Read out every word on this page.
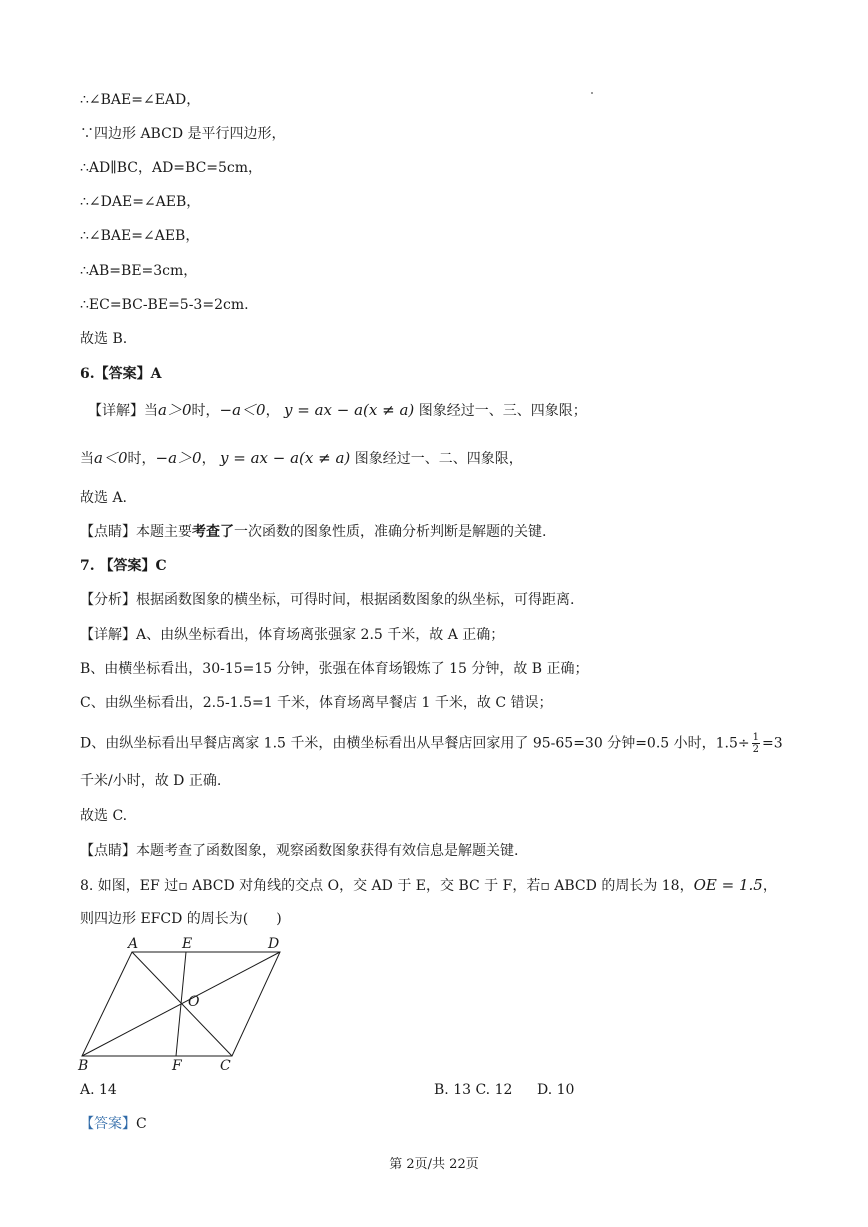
∴∠BAE=∠EAD，
∵四边形 ABCD 是平行四边形，
∴AD∥BC，AD=BC=5cm，
∴∠DAE=∠AEB，
∴∠BAE=∠AEB，
∴AB=BE=3cm，
∴EC=BC-BE=5-3=2cm.
故选 B.
6.【答案】A
【详解】当a＞0时，−a＜0， y = ax − a(x ≠ a) 图象经过一、三、四象限；
当a＜0时，−a＞0， y = ax − a(x ≠ a) 图象经过一、二、四象限，
故选 A.
【点睛】本题主要考查了一次函数的图象性质，准确分析判断是解题的关键.
7. 【答案】C
【分析】根据函数图象的横坐标，可得时间，根据函数图象的纵坐标，可得距离.
【详解】A、由纵坐标看出，体育场离张强家 2.5 千米，故 A 正确；
B、由横坐标看出，30-15=15 分钟，张强在体育场锻炼了 15 分钟，故 B 正确；
C、由纵坐标看出，2.5-1.5=1 千米，体育场离早餐店 1 千米，故 C 错误；
D、由纵坐标看出早餐店离家 1.5 千米，由横坐标看出从早餐店回家用了 95-65=30 分钟=0.5 小时，$1.5\div \frac{1}{2} =3$
千米/小时，故 D 正确.
故选 C.
【点睛】本题考查了函数图象，观察函数图象获得有效信息是解题关键.
8. 如图，EF 过▫ ABCD 对角线的交点 O，交 AD 于 E，交 BC 于 F，若▫ ABCD 的周长为 18，OE = 1.5，
则四边形 EFCD 的周长为(　　)
A	E	D
O
B	F	C
A. 14	B. 13 C. 12 D. 10
【答案】C
第 2页/共 22页
